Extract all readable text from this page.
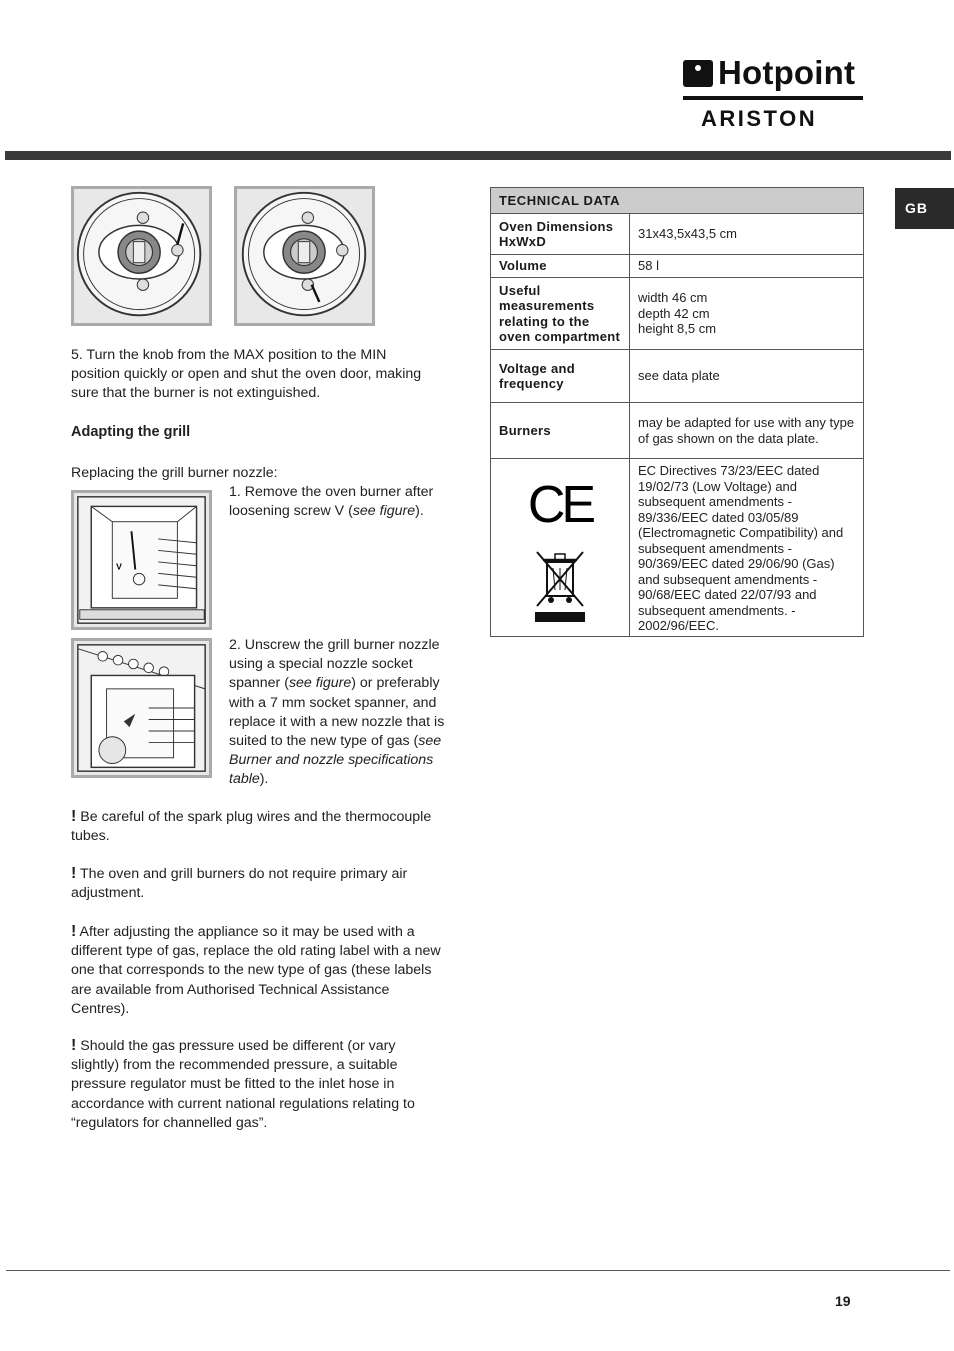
Hotpoint
ARISTON
GB
5. Turn the knob from the MAX position to the MIN position quickly or open and shut the oven door, making sure that the burner is not extinguished.
Adapting the grill
Replacing the grill burner nozzle:
V
1. Remove the oven burner after loosening screw V (see figure).
2. Unscrew the grill burner nozzle using a special nozzle socket spanner (see figure) or preferably with a 7 mm socket spanner, and replace it with a new nozzle that is suited to the new type of gas (see Burner and nozzle specifications table).
! Be careful of the spark plug wires and the thermocouple tubes.
! The oven and grill burners do not require primary air adjustment.
! After adjusting the appliance so it may be used with a different type of gas, replace the old rating label with a new one that corresponds to the new type of gas (these labels are available from Authorised Technical Assistance Centres).
! Should the gas pressure used be different (or vary slightly) from the recommended pressure, a suitable pressure regulator must be fitted to the inlet hose in accordance with current national regulations relating to “regulators for channelled gas”.
TECHNICAL DATA	
Oven Dimensions HxWxD	31x43,5x43,5 cm
Volume	58 l
Useful measurements relating to the oven compartment	width 46 cm
depth 42 cm
height 8,5 cm

Voltage and frequency	see data plate
Burners	may be adapted for use with any type of gas shown on the data plate.

CE	EC Directives 73/23/EEC dated 19/02/73 (Low Voltage) and subsequent amendments - 89/336/EEC dated 03/05/89 (Electromagnetic Compatibility) and subsequent amendments - 90/369/EEC dated 29/06/90 (Gas) and subsequent amendments - 90/68/EEC dated 22/07/93 and subsequent amendments. - 2002/96/EEC.
19
